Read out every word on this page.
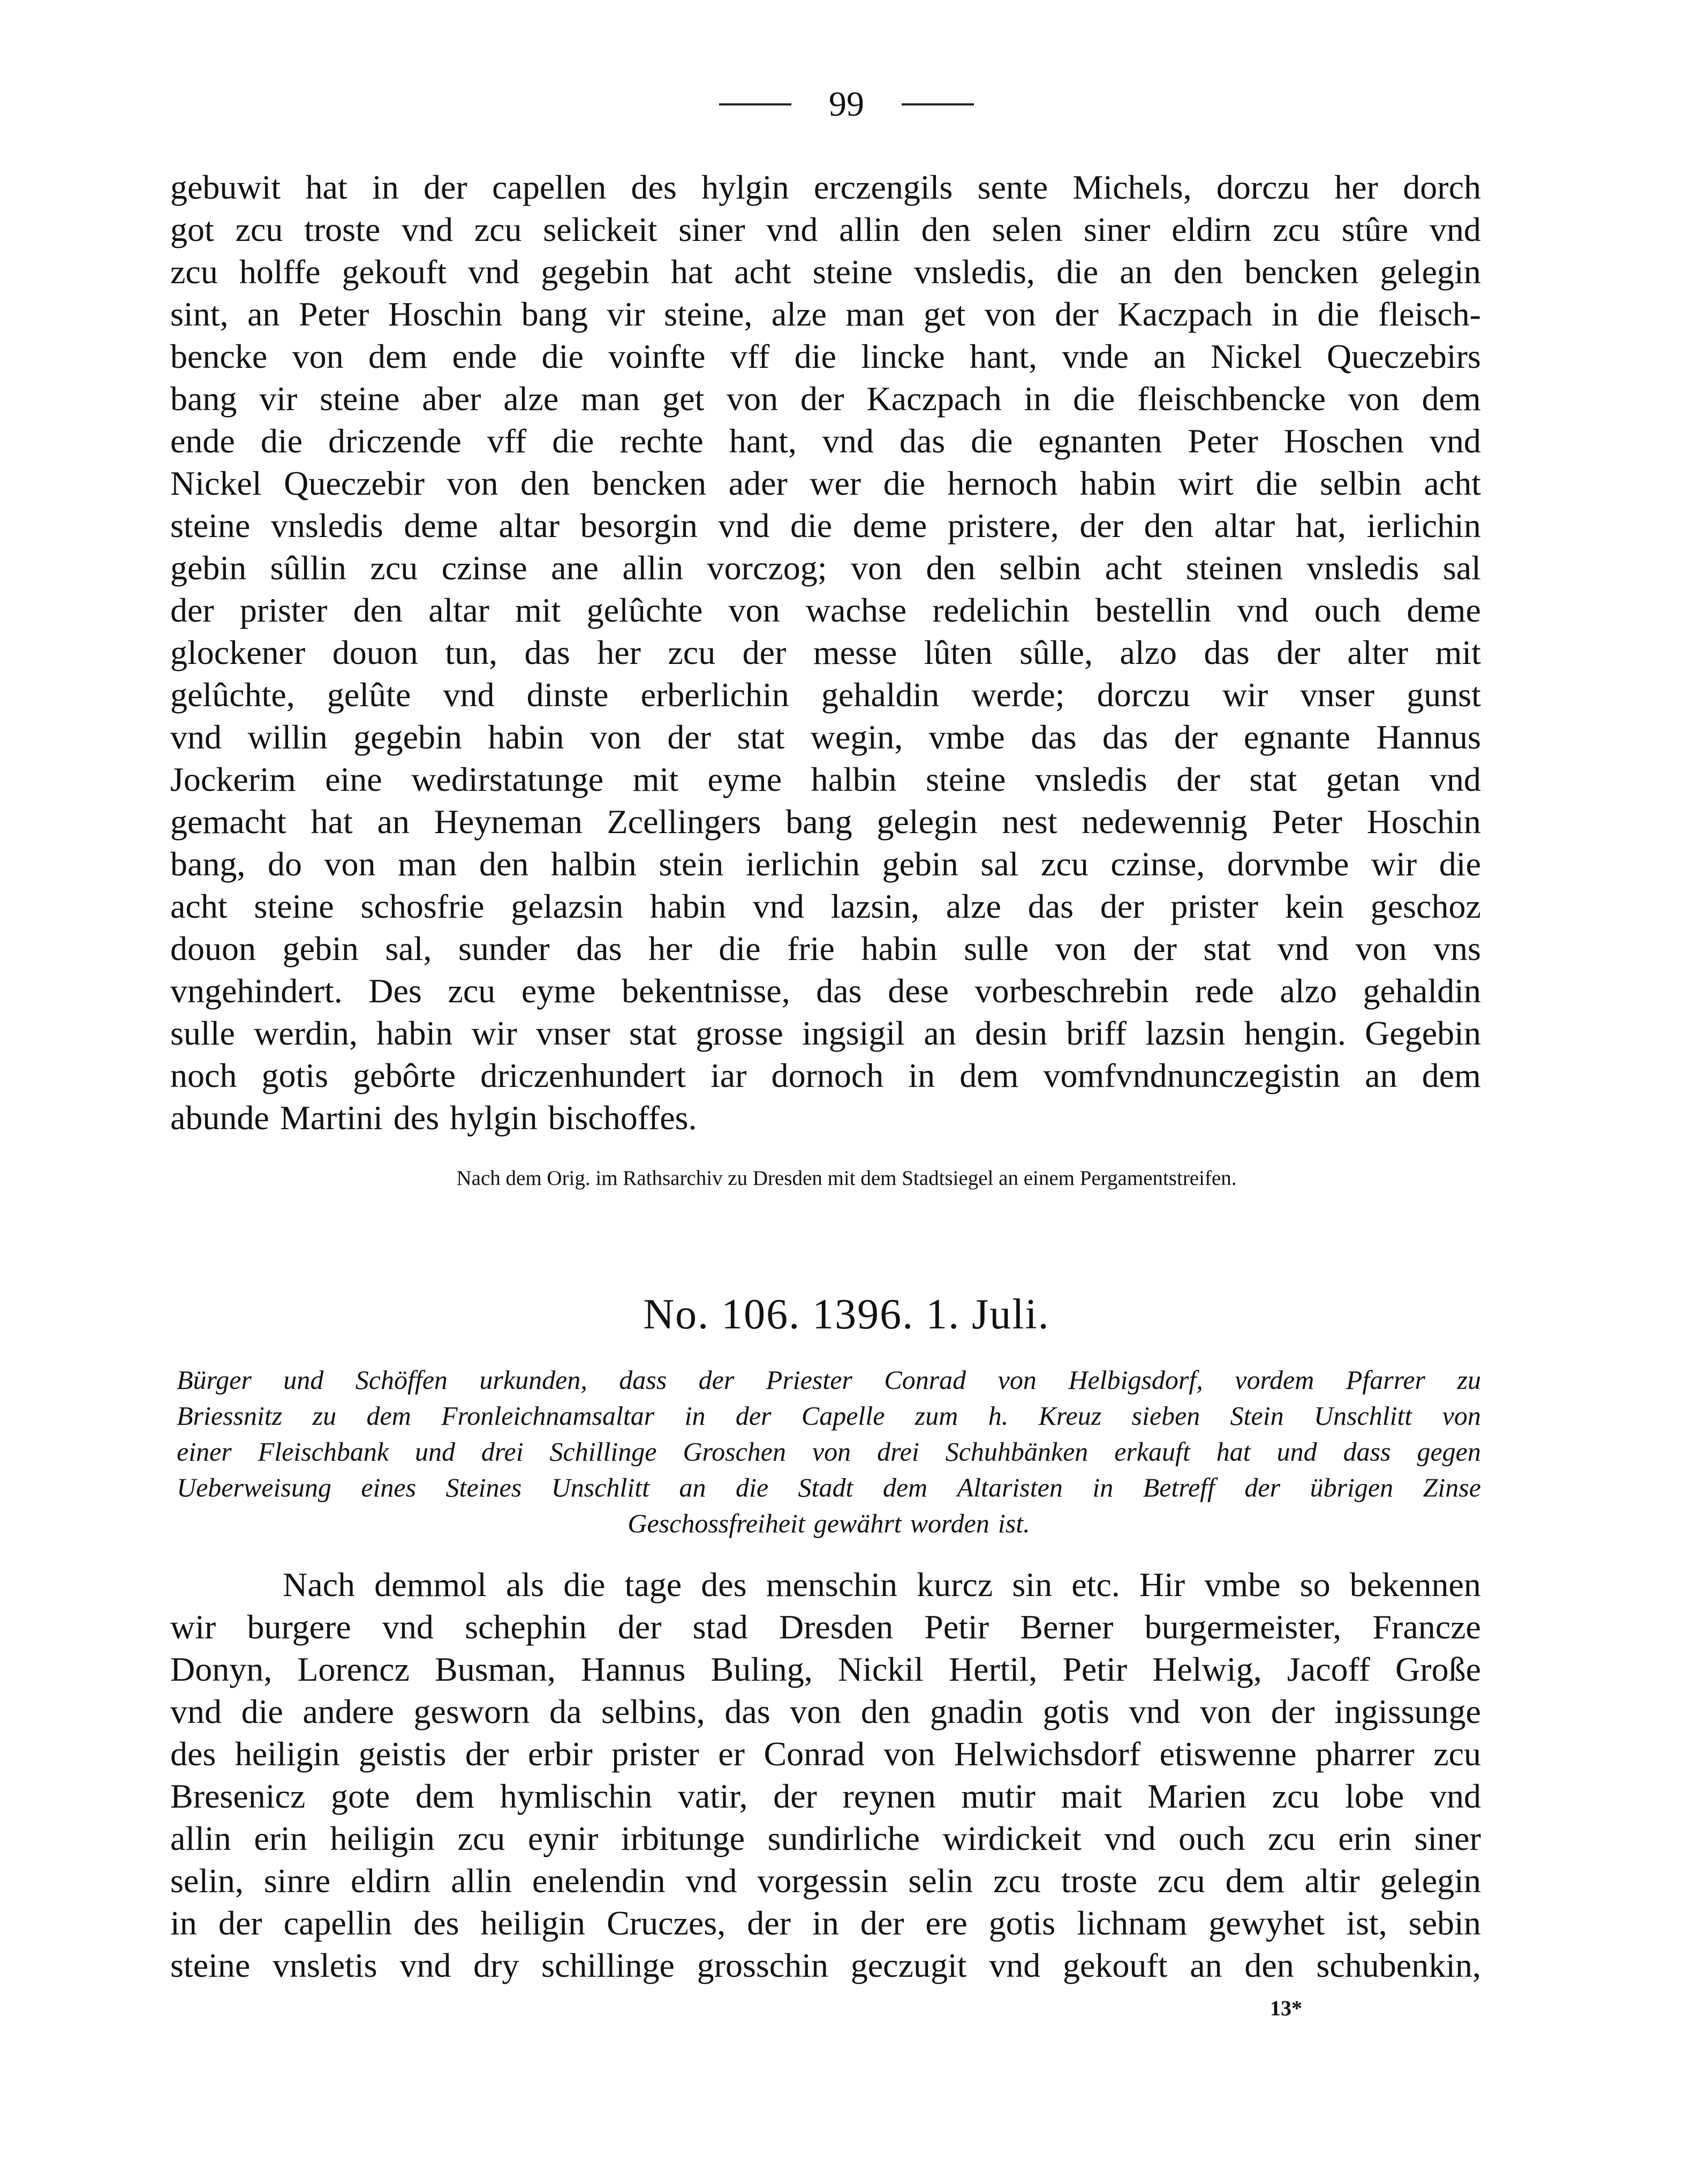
99
gebuwit hat in der capellen des hylgin erczengils sente Michels, dorczu her dorch
got zcu troste vnd zcu selickeit siner vnd allin den selen siner eldirn zcu stûre vnd
zcu holffe gekouft vnd gegebin hat acht steine vnsledis, die an den bencken gelegin
sint, an Peter Hoschin bang vir steine, alze man get von der Kaczpach in die fleisch-
bencke von dem ende die voinfte vff die lincke hant, vnde an Nickel Queczebirs
bang vir steine aber alze man get von der Kaczpach in die fleischbencke von dem
ende die driczende vff die rechte hant, vnd das die egnanten Peter Hoschen vnd
Nickel Queczebir von den bencken ader wer die hernoch habin wirt die selbin acht
steine vnsledis deme altar besorgin vnd die deme pristere, der den altar hat, ierlichin
gebin sûllin zcu czinse ane allin vorczog; von den selbin acht steinen vnsledis sal
der prister den altar mit gelûchte von wachse redelichin bestellin vnd ouch deme
glockener douon tun, das her zcu der messe lûten sûlle, alzo das der alter mit
gelûchte, gelûte vnd dinste erberlichin gehaldin werde; dorczu wir vnser gunst
vnd willin gegebin habin von der stat wegin, vmbe das das der egnante Hannus
Jockerim eine wedirstatunge mit eyme halbin steine vnsledis der stat getan vnd
gemacht hat an Heyneman Zcellingers bang gelegin nest nedewennig Peter Hoschin
bang, do von man den halbin stein ierlichin gebin sal zcu czinse, dorvmbe wir die
acht steine schosfrie gelazsin habin vnd lazsin, alze das der prister kein geschoz
douon gebin sal, sunder das her die frie habin sulle von der stat vnd von vns
vngehindert. Des zcu eyme bekentnisse, das dese vorbeschrebin rede alzo gehaldin
sulle werdin, habin wir vnser stat grosse ingsigil an desin briff lazsin hengin. Gegebin
noch gotis gebôrte driczenhundert iar dornoch in dem vomfvndnunczegistin an dem
abunde Martini des hylgin bischoffes.
Nach dem Orig. im Rathsarchiv zu Dresden mit dem Stadtsiegel an einem Pergamentstreifen.
No. 106. 1396. 1. Juli.
Bürger und Schöffen urkunden, dass der Priester Conrad von Helbigsdorf, vordem Pfarrer zu
Briessnitz zu dem Fronleichnamsaltar in der Capelle zum h. Kreuz sieben Stein Unschlitt von
einer Fleischbank und drei Schillinge Groschen von drei Schuhbänken erkauft hat und dass gegen
Ueberweisung eines Steines Unschlitt an die Stadt dem Altaristen in Betreff der übrigen Zinse
Geschossfreiheit gewährt worden ist.
Nach demmol als die tage des menschin kurcz sin etc. Hir vmbe so bekennen
wir burgere vnd schephin der stad Dresden Petir Berner burgermeister, Francze
Donyn, Lorencz Busman, Hannus Buling, Nickil Hertil, Petir Helwig, Jacoff Große
vnd die andere gesworn da selbins, das von den gnadin gotis vnd von der ingissunge
des heiligin geistis der erbir prister er Conrad von Helwichsdorf etiswenne pharrer zcu
Bresenicz gote dem hymlischin vatir, der reynen mutir mait Marien zcu lobe vnd
allin erin heiligin zcu eynir irbitunge sundirliche wirdickeit vnd ouch zcu erin siner
selin, sinre eldirn allin enelendin vnd vorgessin selin zcu troste zcu dem altir gelegin
in der capellin des heiligin Cruczes, der in der ere gotis lichnam gewyhet ist, sebin
steine vnsletis vnd dry schillinge grosschin geczugit vnd gekouft an den schubenkin,
13*
